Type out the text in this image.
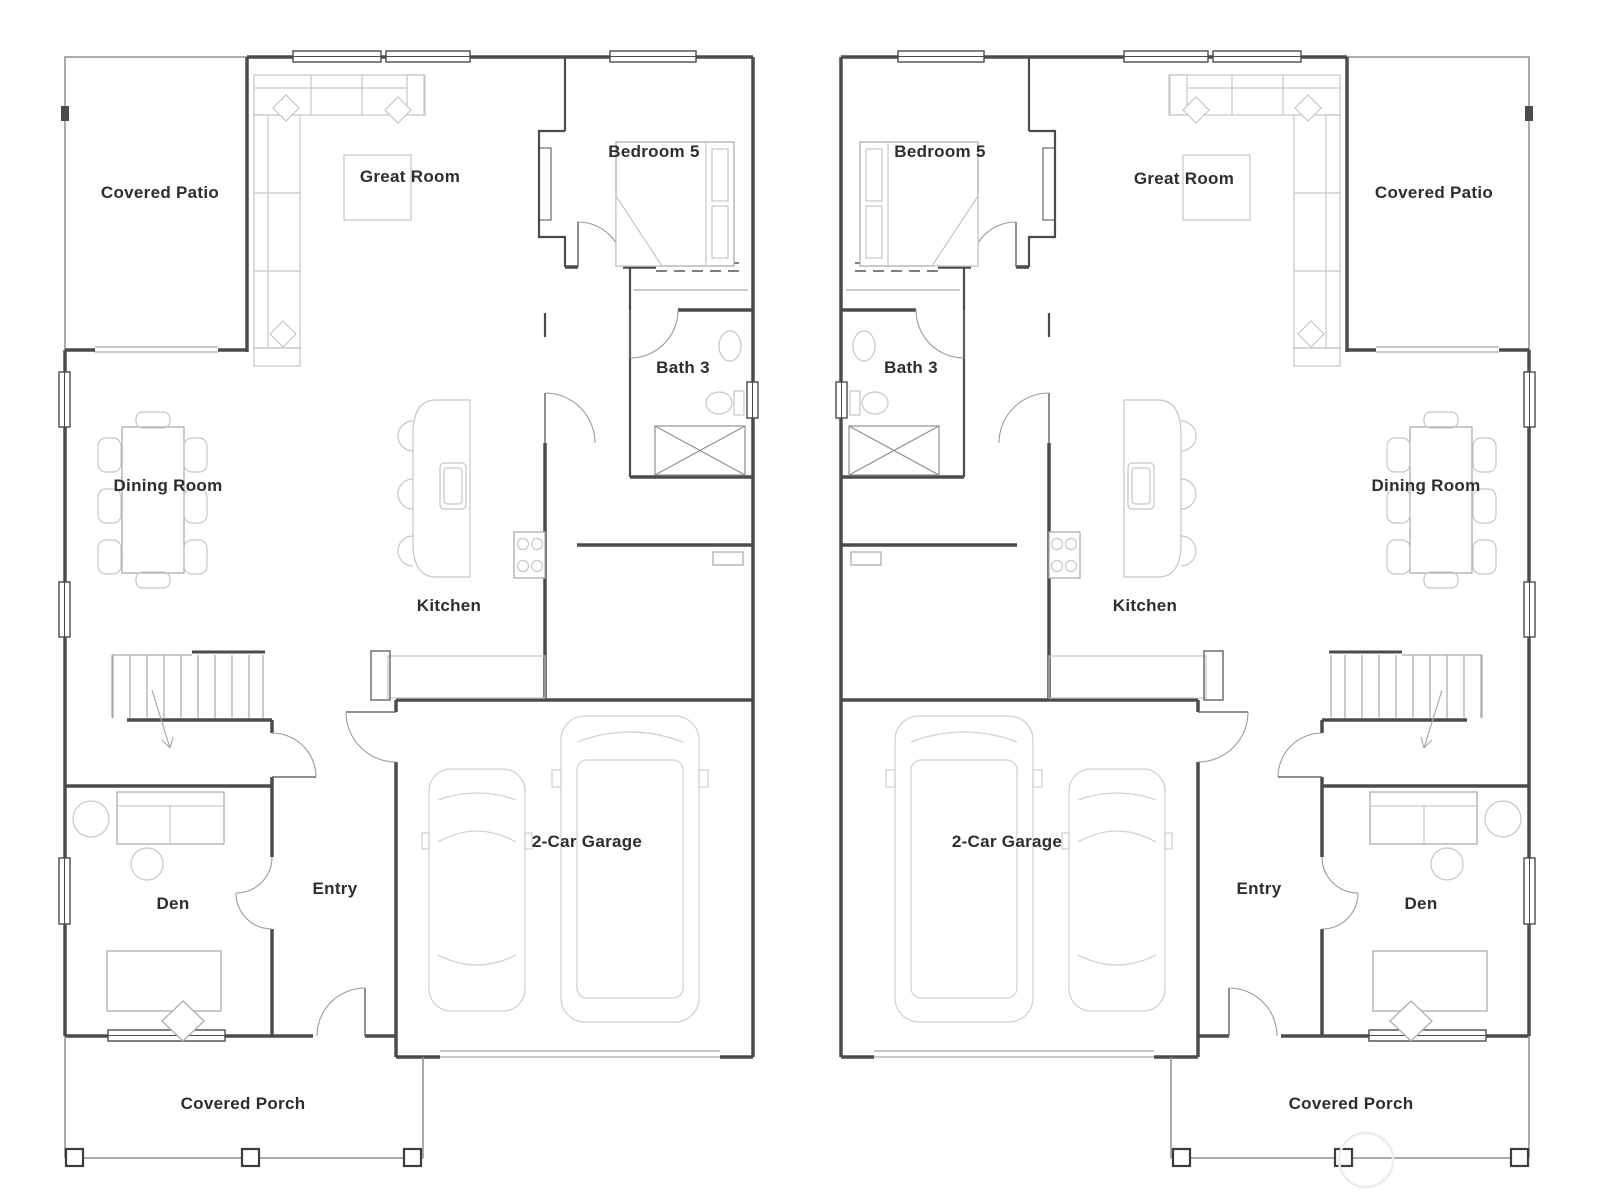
Covered Patio
Great Room
Bedroom 5
Bath 3
Dining Room
Kitchen
Den
Entry
2-Car Garage
Covered Porch
Bedroom 5
Great Room
Covered Patio
Bath 3
Dining Room
Kitchen
2-Car Garage
Entry
Den
Covered Porch
